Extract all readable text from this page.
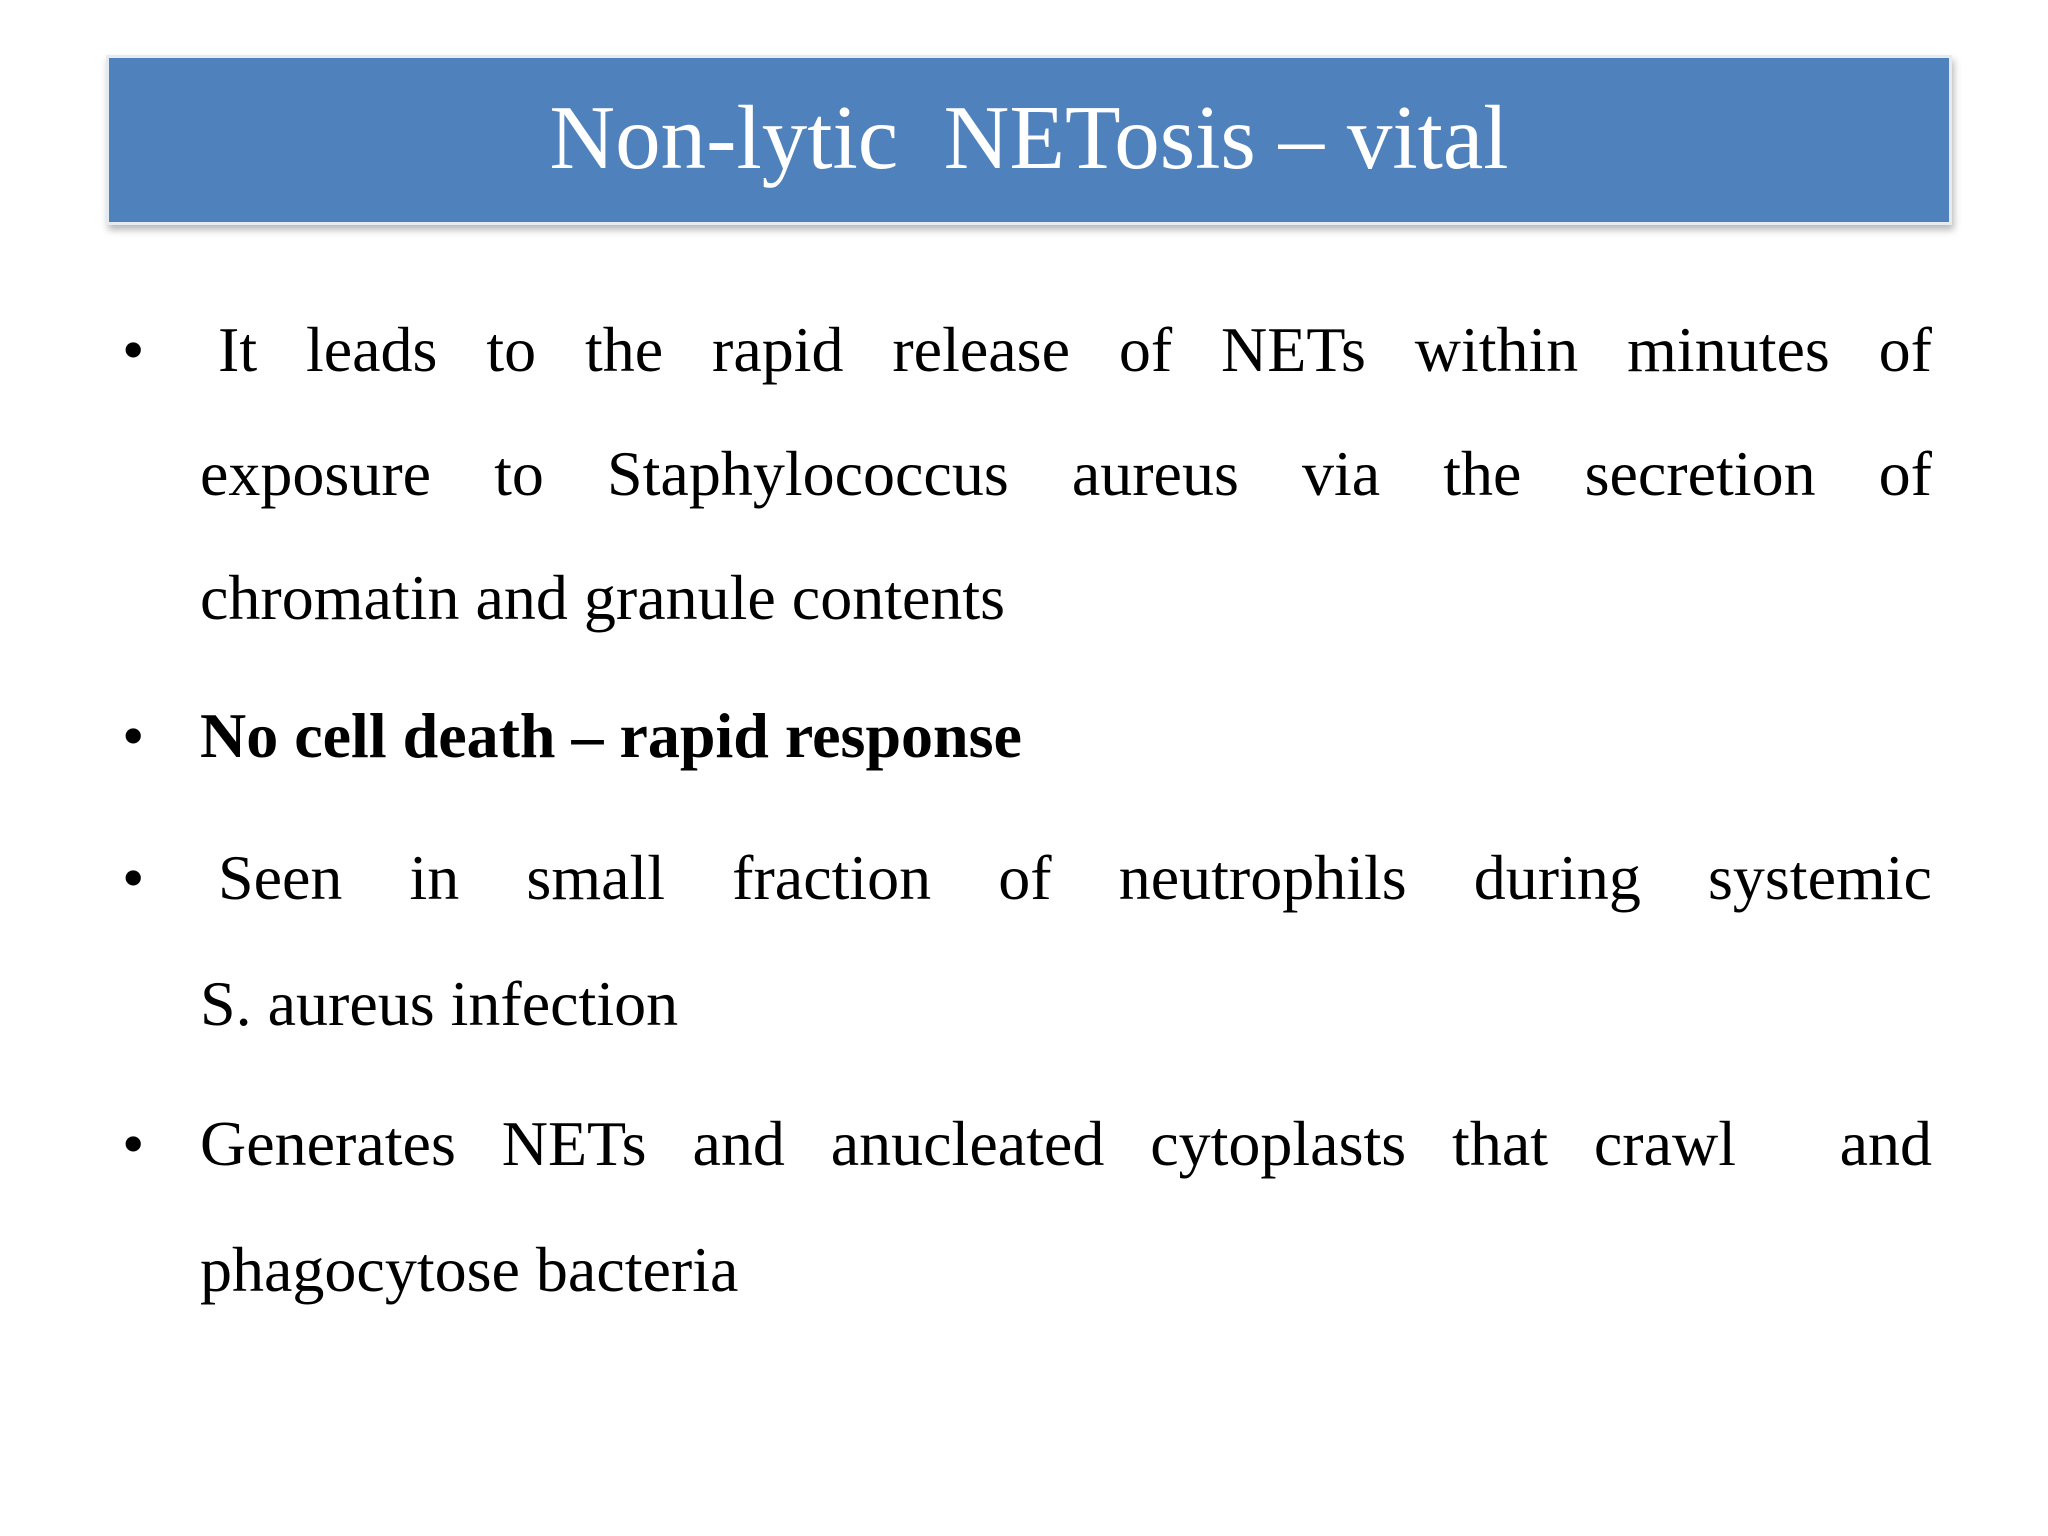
Non-lytic  NETosis – vital
• It leads to the rapid release of NETs within minutes of
exposure to Staphylococcus aureus via the secretion of
chromatin and granule contents
• No cell death – rapid response
• Seen in small fraction of neutrophils during systemic
S. aureus infection
•

Generates NETs and anucleated cytoplasts that crawl

and

phagocytose bacteria
